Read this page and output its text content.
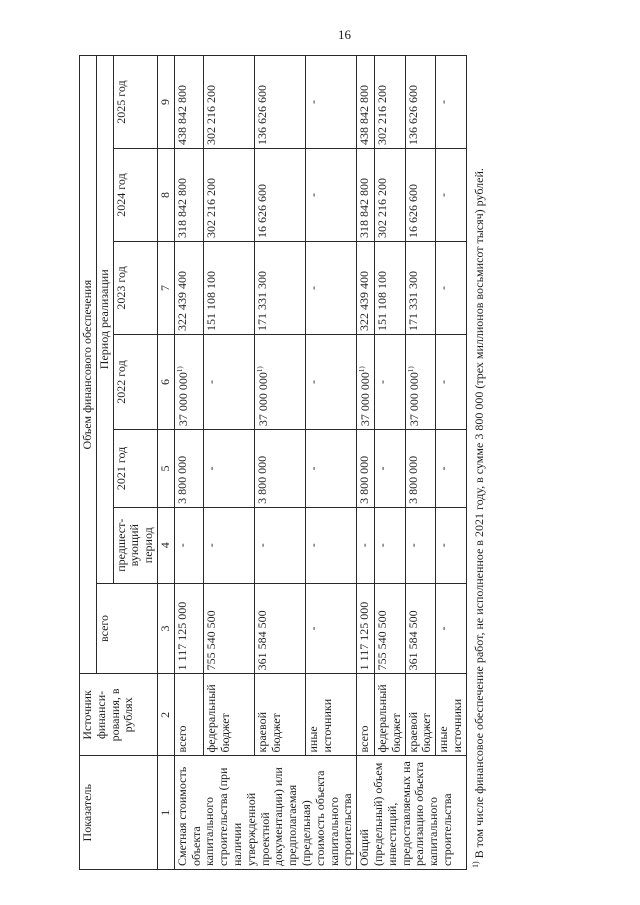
16
Показатель	Источник финанси-рования, в рублях	Объем финансового обеспечения						
		всего	Период реализации					
			предшест-вующий период	2021 год	2022 год	2023 год	2024 год	2025 год
1	2	3	4	5	6	7	8	9
Сметная стоимость объекта капитального строительства (при наличии утвержденной проектной документации) или предполагаемая (предельная) стоимость объекта капитального строительства	всего	1 117 125 000	-	3 800 000	37 000 000$^{1)}$	322 439 400	318 842 800	438 842 800
	федеральный бюджет	755 540 500	-	-	-	151 108 100	302 216 200	302 216 200
	краевой бюджет	361 584 500	-	3 800 000	37 000 000$^{1)}$	171 331 300	16 626 600	136 626 600
	иные источники	-	-	-	-	-	-	-
Общий (предельный) объем инвестиций, предоставляемых на реализацию объекта капитального строительства	всего	1 117 125 000	-	3 800 000	37 000 000$^{1)}$	322 439 400	318 842 800	438 842 800
	федеральный бюджет	755 540 500	-	-	-	151 108 100	302 216 200	302 216 200
	краевой бюджет	361 584 500	-	3 800 000	37 000 000$^{1)}$	171 331 300	16 626 600	136 626 600
	иные источники	-	-	-	-	-	-	-
$^{1)}$ В том числе финансовое обеспечение работ, не исполненное в 2021 году, в сумме 3 800 000 (трех миллионов восьмисот тысяч) рублей.
